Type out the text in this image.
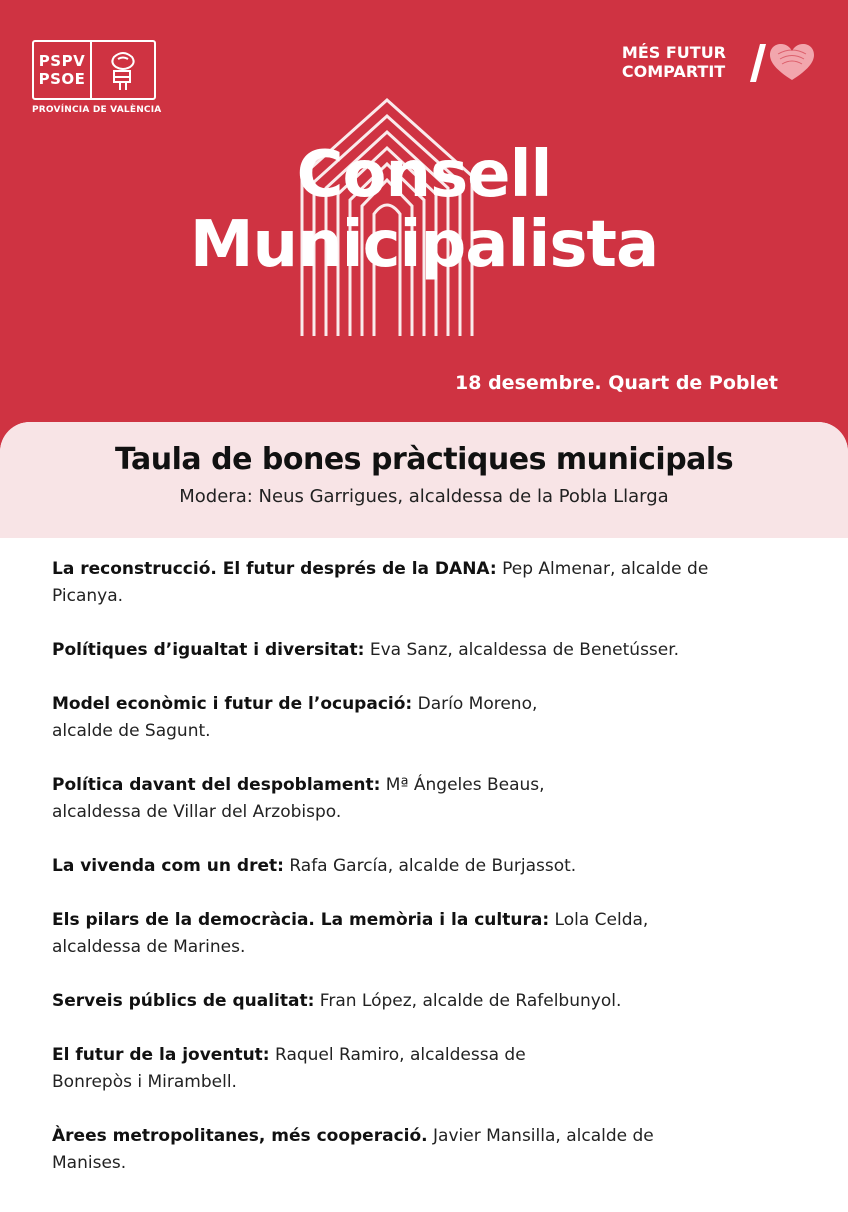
PSPV
PSOE
PROVÍNCIA DE VALÈNCIA
MÉS FUTUR
COMPARTIT
Consell
Municipalista
18 desembre. Quart de Poblet
Taula de bones pràctiques municipals
Modera: Neus Garrigues, alcaldessa de la Pobla Llarga
La reconstrucció. El futur després de la DANA: Pep Almenar, alcalde de
Picanya.
Polítiques d’igualtat i diversitat: Eva Sanz, alcaldessa de Benetússer.
Model econòmic i futur de l’ocupació: Darío Moreno,
alcalde de Sagunt.
Política davant del despoblament: Mª Ángeles Beaus,
alcaldessa de Villar del Arzobispo.
La vivenda com un dret: Rafa García, alcalde de Burjassot.
Els pilars de la democràcia. La memòria i la cultura: Lola Celda,
alcaldessa de Marines.
Serveis públics de qualitat: Fran López, alcalde de Rafelbunyol.
El futur de la joventut: Raquel Ramiro, alcaldessa de
Bonrepòs i Mirambell.
Àrees metropolitanes, més cooperació. Javier Mansilla, alcalde de
Manises.
